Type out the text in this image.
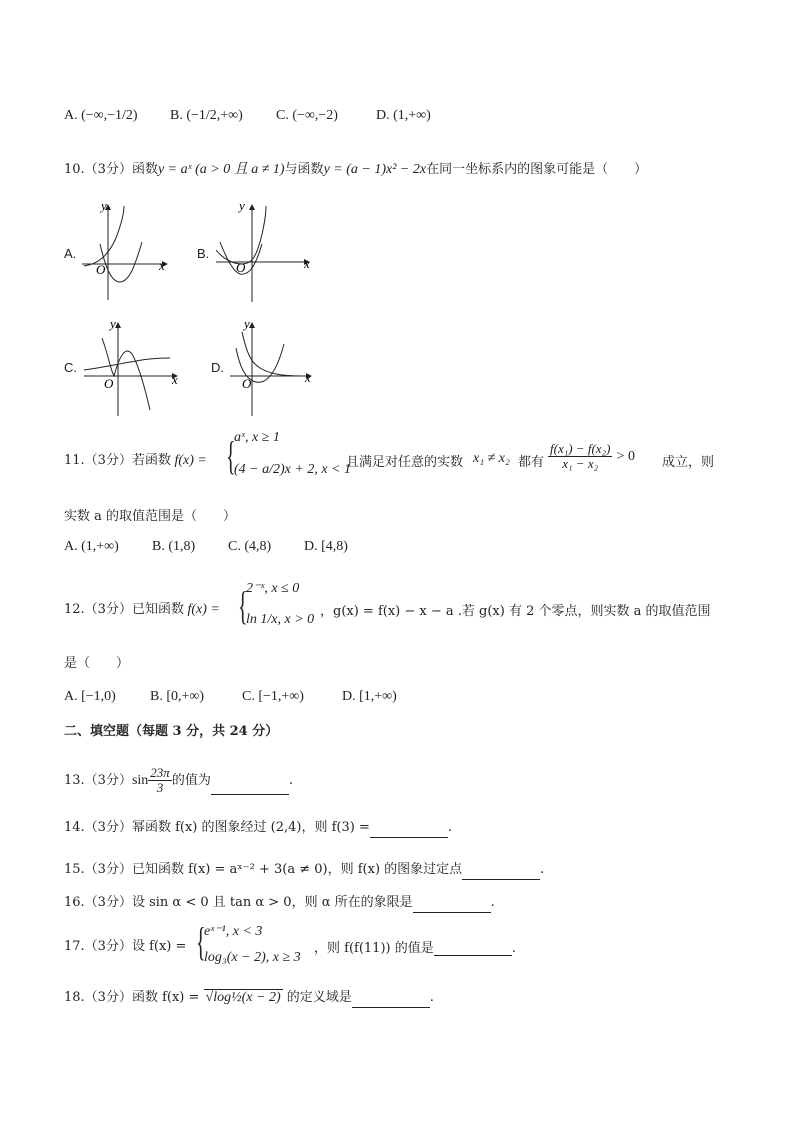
A. (−∞,−1/2) B. (−1/2,+∞) C. (−∞,−2)	D. (1,+∞)
10.（3分）函数y = aˣ (a > 0 且 a ≠ 1)与函数y = (a − 1)x² − 2x在同一坐标系内的图象可能是（　　）
A.
x
y
O
B.
x
y
O
C.
x
y
O
D.
x
y
O
11.（3分）若函数 f(x) = {
aˣ, x ≥ 1
(4 − a/2)x + 2, x < 1
且满足对任意的实数 x₁ ≠ x₂ 都有 $\frac{\text{f(x₁) − f(x₂)}}{\text{x₁ − x₂}} > 0$ 成立，则
实数 a 的取值范围是（　　）
A. (1,+∞) B. (1,8) C. (4,8) D. [4,8)
12.（3分）已知函数 f(x) = {
2⁻ˣ, x ≤ 0
ln 1/x, x > 0
，g(x) = f(x) − x − a .若 g(x) 有 2 个零点，则实数 a 的取值范围
是（　　）
A. [−1,0) B. [0,+∞)	C. [−1,+∞)	D. [1,+∞)
二、填空题（每题 3 分，共 24 分）
13.（3分）$\sin \frac{23\pi}{3}$ 的值为	.
14.（3分）幂函数 f(x) 的图象经过 (2,4)，则 f(3) =	.
15.（3分）已知函数 f(x) = aˣ⁻² + 3(a ≠ 0)，则 f(x) 的图象过定点	.
16.（3分）设 sin α < 0 且 tan α > 0，则 α 所在的象限是	.
17.（3分）设 f(x) = {
eˣ⁻¹, x < 3
log₃(x − 2), x ≥ 3
，则 f(f(11)) 的值是	.
18.（3分）函数 f(x) = √log½(x − 2) 的定义域是	.
